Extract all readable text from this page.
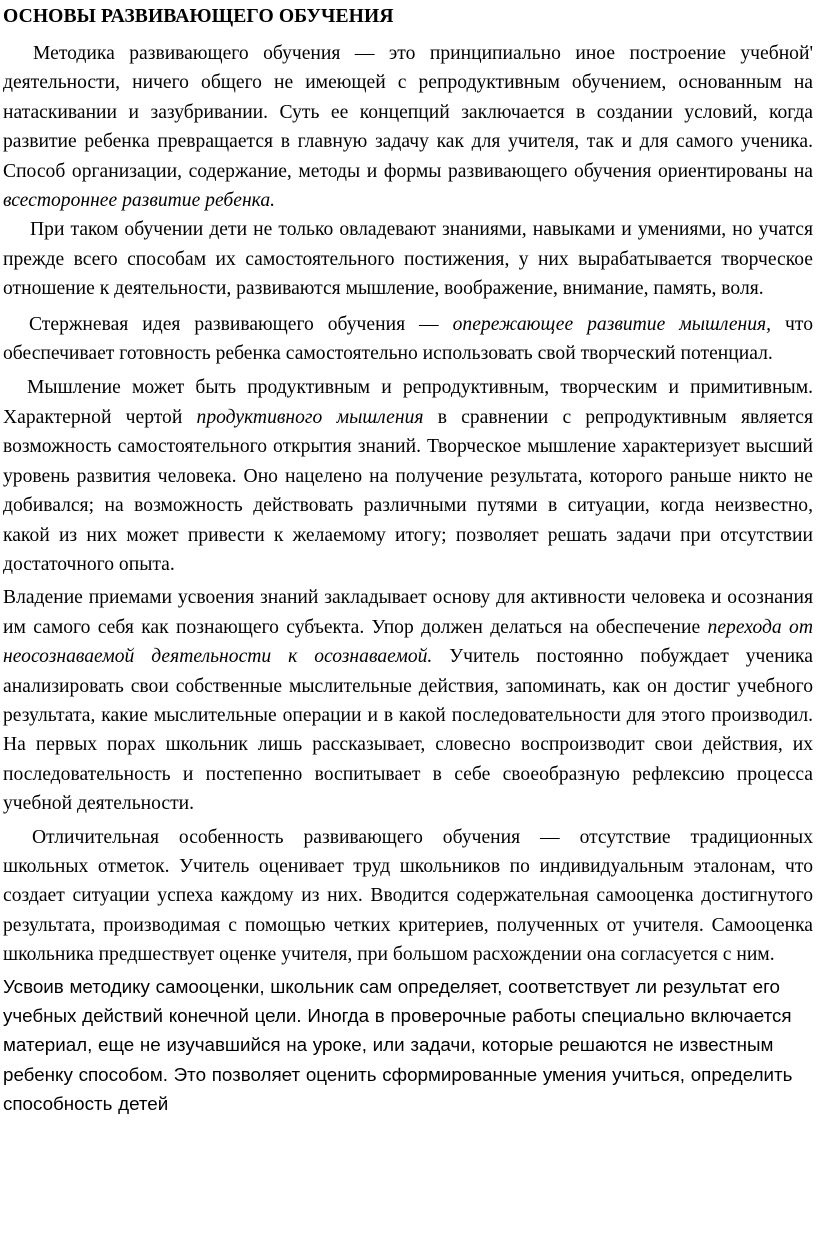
ОСНОВЫ РАЗВИВАЮЩЕГО ОБУЧЕНИЯ

Методика развивающего обучения — это принципиально иное построение учебной' деятельности, ничего общего не имеющей с репродуктивным обучением, основанным на натаскивании и зазубривании. Суть ее концепций заключается в создании условий, когда развитие ребенка превращается в главную задачу как для учителя, так и для самого ученика. Способ организации, содержание, методы и формы развивающего обучения ориентированы на всестороннее развитие ребенка.

При таком обучении дети не только овладевают знаниями, навыками и умениями, но учатся прежде всего способам их самостоятельного постижения, у них вырабатывается творческое отношение к деятельности, развиваются мышление, воображение, внимание, память, воля.

Стержневая идея развивающего обучения — опережающее развитие мышления, что обеспечивает готовность ребенка самостоятельно использовать свой творческий потенциал.

Мышление может быть продуктивным и репродуктивным, творческим и примитивным. Характерной чертой продуктивного мышления в сравнении с репродуктивным является возможность самостоятельного открытия знаний. Творческое мышление характеризует высший уровень развития человека. Оно нацелено на получение результата, которого раньше никто не добивался; на возможность действовать различными путями в ситуации, когда неизвестно, какой из них может привести к желаемому итогу; позволяет решать задачи при отсутствии достаточного опыта.

Владение приемами усвоения знаний закладывает основу для активности человека и осознания им самого себя как познающего субъекта. Упор должен делаться на обеспечение перехода от неосознаваемой деятельности к осознаваемой. Учитель постоянно побуждает ученика анализировать свои собственные мыслительные действия, запоминать, как он достиг учебного результата, какие мыслительные операции и в какой последовательности для этого производил. На первых порах школьник лишь рассказывает, словесно воспроизводит свои действия, их последовательность и постепенно воспитывает в себе своеобразную рефлексию процесса учебной деятельности.

Отличительная особенность развивающего обучения — отсутствие традиционных школьных отметок. Учитель оценивает труд школьников по индивидуальным эталонам, что создает ситуации успеха каждому из них. Вводится содержательная самооценка достигнутого результата, производимая с помощью четких критериев, полученных от учителя. Самооценка школьника предшествует оценке учителя, при большом расхождении она согласуется с ним.

Усвоив методику самооценки, школьник сам определяет, соответствует ли результат его учебных действий конечной цели. Иногда в проверочные работы специально включается материал, еще не изучавшийся на уроке, или задачи, которые решаются не известным ребенку способом. Это позволяет оценить сформированные умения учиться, определить способность детей
